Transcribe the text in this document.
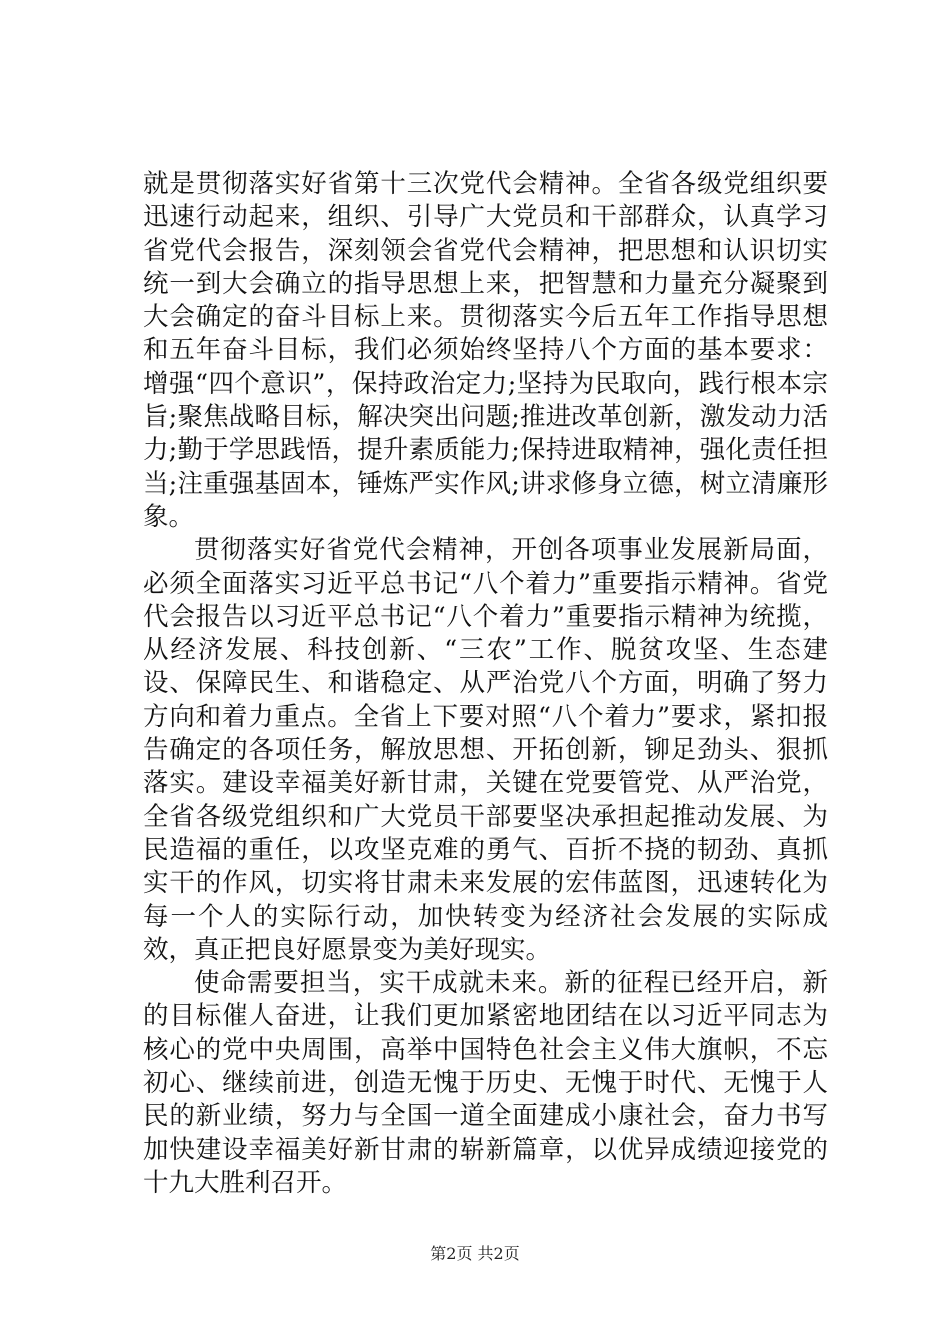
就是贯彻落实好省第十三次党代会精神。全省各级党组织要迅速行动起来，组织、引导广大党员和干部群众，认真学习省党代会报告，深刻领会省党代会精神，把思想和认识切实统一到大会确立的指导思想上来，把智慧和力量充分凝聚到大会确定的奋斗目标上来。贯彻落实今后五年工作指导思想和五年奋斗目标，我们必须始终坚持八个方面的基本要求：增强“四个意识”，保持政治定力;坚持为民取向，践行根本宗旨;聚焦战略目标，解决突出问题;推进改革创新，激发动力活力;勤于学思践悟，提升素质能力;保持进取精神，强化责任担当;注重强基固本，锤炼严实作风;讲求修身立德，树立清廉形象。

贯彻落实好省党代会精神，开创各项事业发展新局面，必须全面落实习近平总书记“八个着力”重要指示精神。省党代会报告以习近平总书记“八个着力”重要指示精神为统揽，从经济发展、科技创新、“三农”工作、脱贫攻坚、生态建设、保障民生、和谐稳定、从严治党八个方面，明确了努力方向和着力重点。全省上下要对照“八个着力”要求，紧扣报告确定的各项任务，解放思想、开拓创新，铆足劲头、狠抓落实。建设幸福美好新甘肃，关键在党要管党、从严治党，全省各级党组织和广大党员干部要坚决承担起推动发展、为民造福的重任，以攻坚克难的勇气、百折不挠的韧劲、真抓实干的作风，切实将甘肃未来发展的宏伟蓝图，迅速转化为每一个人的实际行动，加快转变为经济社会发展的实际成效，真正把良好愿景变为美好现实。

使命需要担当，实干成就未来。新的征程已经开启，新的目标催人奋进，让我们更加紧密地团结在以习近平同志为核心的党中央周围，高举中国特色社会主义伟大旗帜，不忘初心、继续前进，创造无愧于历史、无愧于时代、无愧于人民的新业绩，努力与全国一道全面建成小康社会，奋力书写加快建设幸福美好新甘肃的崭新篇章，以优异成绩迎接党的十九大胜利召开。

第2页 共2页
